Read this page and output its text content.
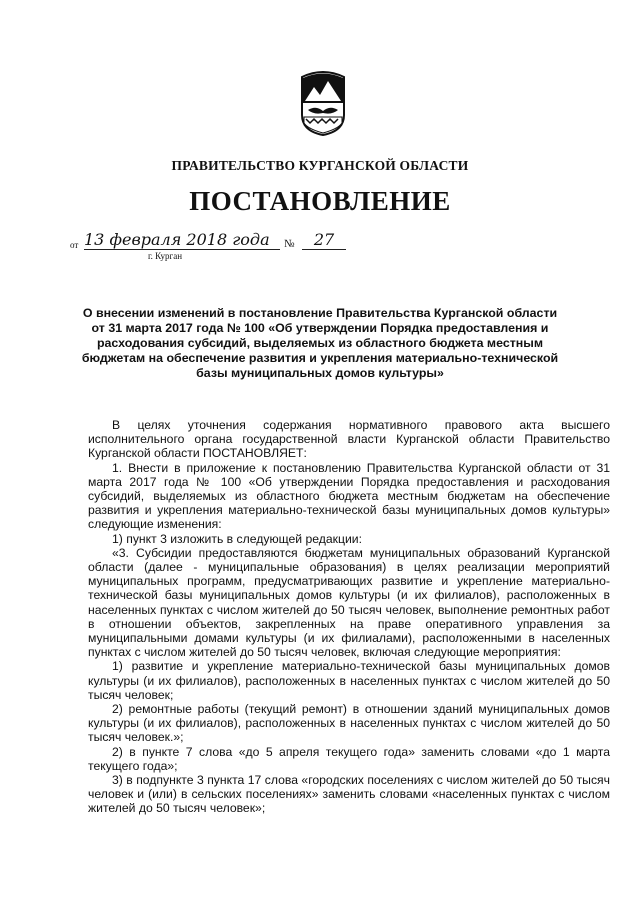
ПРАВИТЕЛЬСТВО КУРГАНСКОЙ ОБЛАСТИ
ПОСТАНОВЛЕНИЕ
от 13 февраля 2018 года	№	27
г. Курган
О внесении изменений в постановление Правительства Курганской области от 31 марта 2017 года № 100 «Об утверждении Порядка предоставления и расходования субсидий, выделяемых из областного бюджета местным бюджетам на обеспечение развития и укрепления материально-технической базы муниципальных домов культуры»

В целях уточнения содержания нормативного правового акта высшего исполнительного органа государственной власти Курганской области Правительство Курганской области ПОСТАНОВЛЯЕТ:

1. Внести в приложение к постановлению Правительства Курганской области от 31 марта 2017 года № 100 «Об утверждении Порядка предоставления и расходования субсидий, выделяемых из областного бюджета местным бюджетам на обеспечение развития и укрепления материально-технической базы муниципальных домов культуры» следующие изменения:

1) пункт 3 изложить в следующей редакции:

«3. Субсидии предоставляются бюджетам муниципальных образований Курганской области (далее - муниципальные образования) в целях реализации мероприятий муниципальных программ, предусматривающих развитие и укрепление материально-технической базы муниципальных домов культуры (и их филиалов), расположенных в населенных пунктах с числом жителей до 50 тысяч человек, выполнение ремонтных работ в отношении объектов, закрепленных на праве оперативного управления за муниципальными домами культуры (и их филиалами), расположенными в населенных пунктах с числом жителей до 50 тысяч человек, включая следующие мероприятия:

1) развитие и укрепление материально-технической базы муниципальных домов культуры (и их филиалов), расположенных в населенных пунктах с числом жителей до 50 тысяч человек;

2) ремонтные работы (текущий ремонт) в отношении зданий муниципальных домов культуры (и их филиалов), расположенных в населенных пунктах с числом жителей до 50 тысяч человек.»;

2) в пункте 7 слова «до 5 апреля текущего года» заменить словами «до 1 марта текущего года»;

3) в подпункте 3 пункта 17 слова «городских поселениях с числом жителей до 50 тысяч человек и (или) в сельских поселениях» заменить словами «населенных пунктах с числом жителей до 50 тысяч человек»;
